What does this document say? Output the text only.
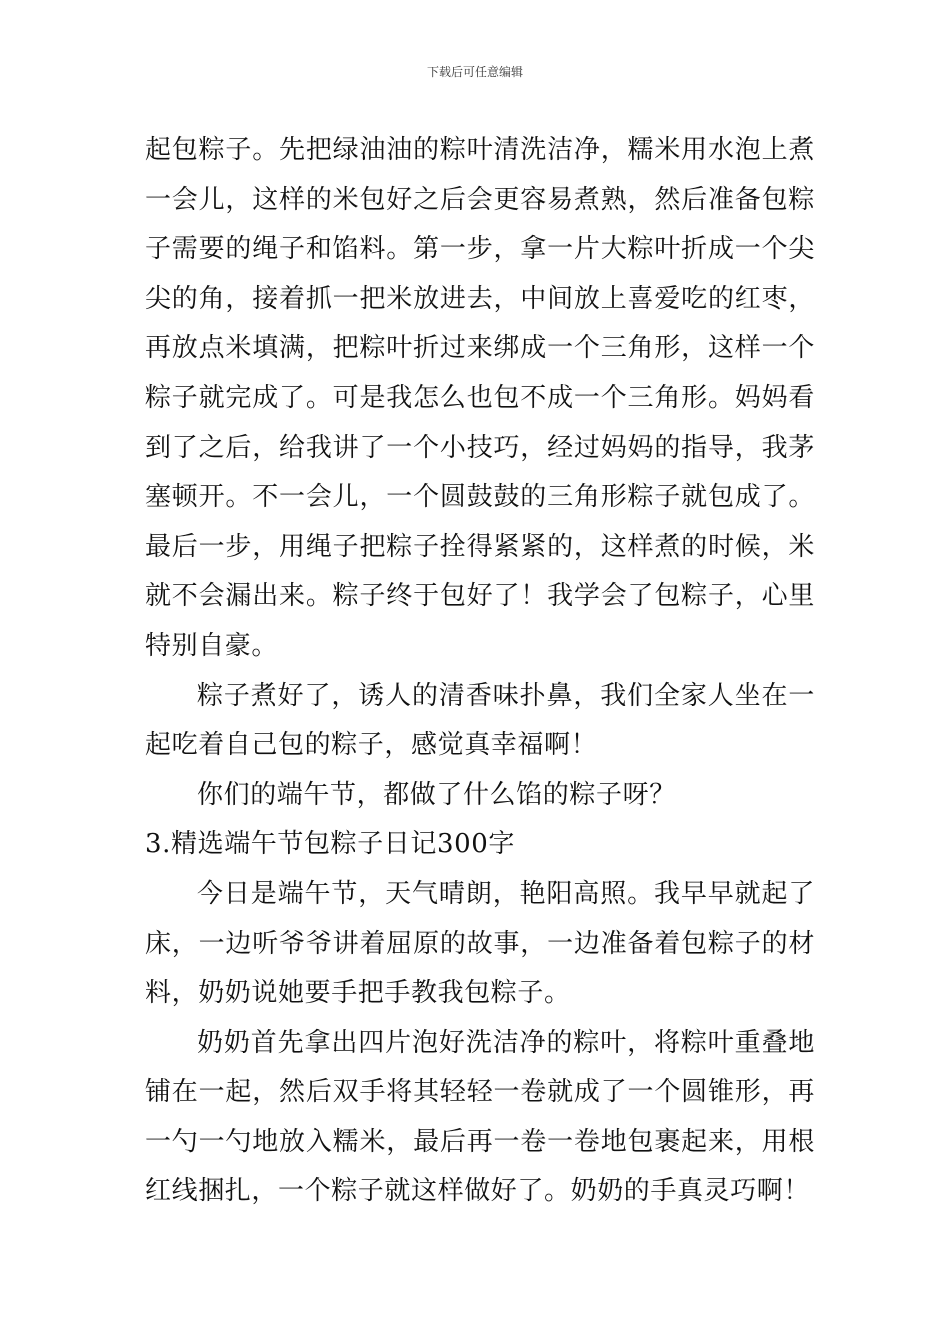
下载后可任意编辑

起包粽子。先把绿油油的粽叶清洗洁净，糯米用水泡上煮一会儿，这样的米包好之后会更容易煮熟，然后准备包粽子需要的绳子和馅料。第一步，拿一片大粽叶折成一个尖尖的角，接着抓一把米放进去，中间放上喜爱吃的红枣，再放点米填满，把粽叶折过来绑成一个三角形，这样一个粽子就完成了。可是我怎么也包不成一个三角形。妈妈看到了之后，给我讲了一个小技巧，经过妈妈的指导，我茅塞顿开。不一会儿，一个圆鼓鼓的三角形粽子就包成了。最后一步，用绳子把粽子拴得紧紧的，这样煮的时候，米就不会漏出来。粽子终于包好了！我学会了包粽子，心里特别自豪。

粽子煮好了，诱人的清香味扑鼻，我们全家人坐在一起吃着自己包的粽子，感觉真幸福啊！

你们的端午节，都做了什么馅的粽子呀？

3.精选端午节包粽子日记300字

今日是端午节，天气晴朗，艳阳高照。我早早就起了床，一边听爷爷讲着屈原的故事，一边准备着包粽子的材料，奶奶说她要手把手教我包粽子。

奶奶首先拿出四片泡好洗洁净的粽叶，将粽叶重叠地铺在一起，然后双手将其轻轻一卷就成了一个圆锥形，再一勺一勺地放入糯米，最后再一卷一卷地包裹起来，用根红线捆扎，一个粽子就这样做好了。奶奶的手真灵巧啊！
